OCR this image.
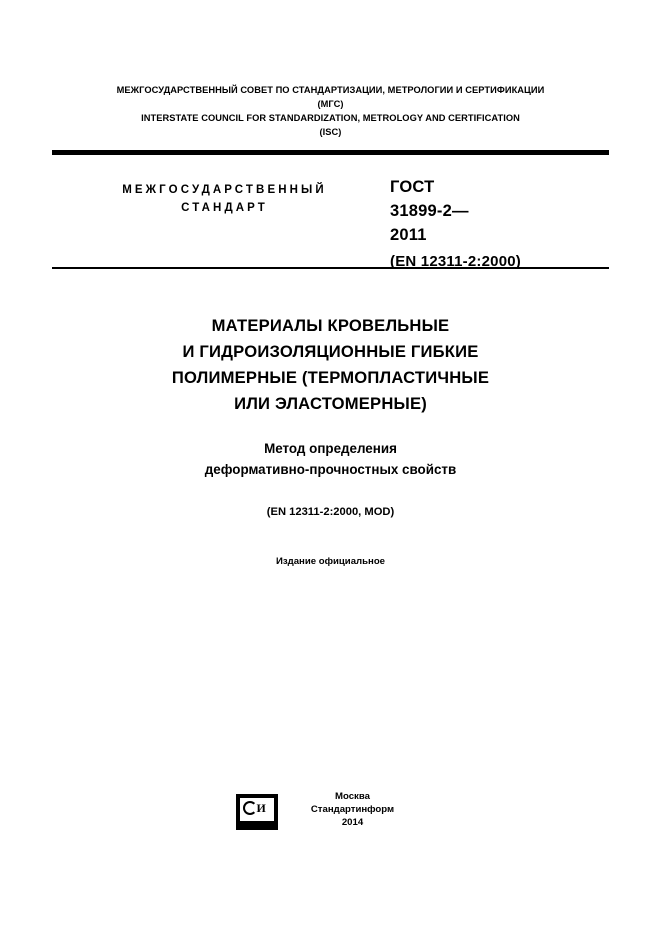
МЕЖГОСУДАРСТВЕННЫЙ СОВЕТ ПО СТАНДАРТИЗАЦИИ, МЕТРОЛОГИИ И СЕРТИФИКАЦИИ
(МГС)
INTERSTATE COUNCIL FOR STANDARDIZATION, METROLOGY AND CERTIFICATION
(ISC)
МЕЖГОСУДАРСТВЕННЫЙ
СТАНДАРТ
ГОСТ
31899-2—
2011
(EN 12311-2:2000)
МАТЕРИАЛЫ КРОВЕЛЬНЫЕ
И ГИДРОИЗОЛЯЦИОННЫЕ ГИБКИЕ
ПОЛИМЕРНЫЕ (ТЕРМОПЛАСТИЧНЫЕ
ИЛИ ЭЛАСТОМЕРНЫЕ)
Метод определения
деформативно-прочностных свойств
(EN 12311-2:2000, MOD)
Издание официальное
И
Москва
Стандартинформ
2014
